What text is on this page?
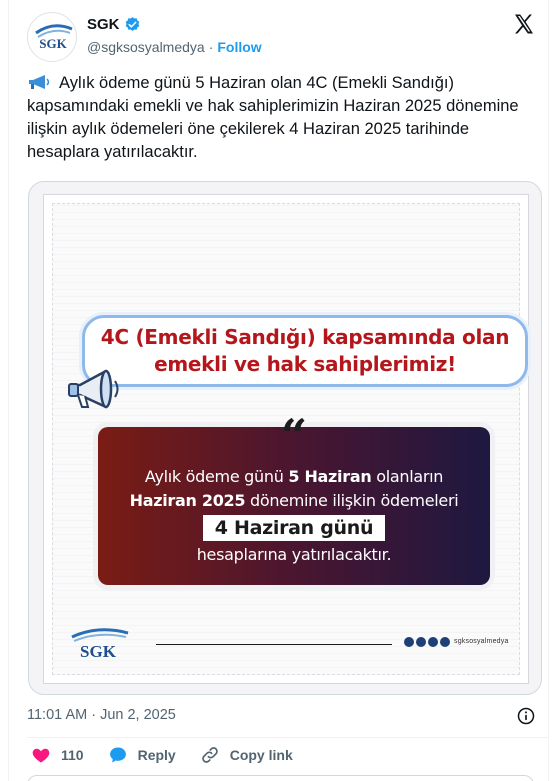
SGK
SGK
@sgksosyalmedya · Follow
Aylık ödeme günü 5 Haziran olan 4C (Emekli Sandığı) kapsamındaki emekli ve hak sahiplerimizin Haziran 2025 dönemine ilişkin aylık ödemeleri öne çekilerek 4 Haziran 2025 tarihinde hesaplara yatırılacaktır.
4C (Emekli Sandığı) kapsamında olan
emekli ve hak sahiplerimiz!
“
Aylık ödeme günü 5 Haziran olanların
Haziran 2025 dönemine ilişkin ödemeleri
4 Haziran günü
hesaplarına yatırılacaktır.
SGK
sgksosyalmedya
11:01 AM · Jun 2, 2025
110	Reply	Copy link
